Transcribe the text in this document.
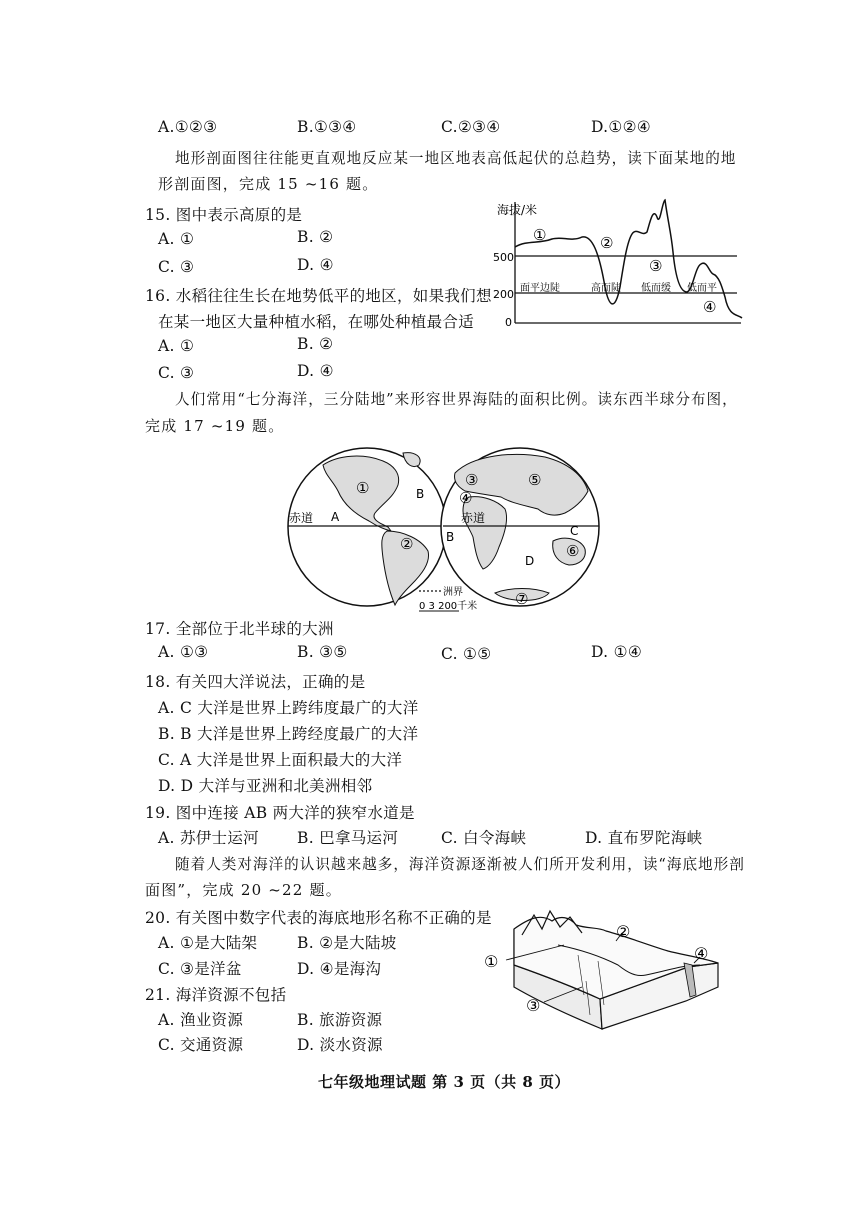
A.①②③	B.①③④	C.②③④	D.①②④
地形剖面图往往能更直观地反应某一地区地表高低起伏的总趋势，读下面某地的地
形剖面图，完成 15 ~16 题。
15. 图中表示高原的是
A. ①	B. ②
C. ③	D. ④
16. 水稻往往生长在地势低平的地区，如果我们想
在某一地区大量种植水稻，在哪处种植最合适
A. ①	B. ②
C. ③	D. ④
海拔/米
500
200
0
面平边陡	高而陡 低而缓 低而平
①	②
③
④
人们常用“七分海洋，三分陆地”来形容世界海陆的面积比例。读东西半球分布图，
完成 17 ~19 题。
赤道 A
B
①
②
赤道
B	C
D
⑤
④
③
⑥
⑦
洲界
0 3 200千米
17. 全部位于北半球的大洲
A. ①③	B. ③⑤	C. ①⑤	D. ①④
18. 有关四大洋说法，正确的是
A. C 大洋是世界上跨纬度最广的大洋
B. B 大洋是世界上跨经度最广的大洋
C. A 大洋是世界上面积最大的大洋
D. D 大洋与亚洲和北美洲相邻
19. 图中连接 AB 两大洋的狭窄水道是
A. 苏伊士运河 B. 巴拿马运河	C. 白令海峡	D. 直布罗陀海峡
随着人类对海洋的认识越来越多，海洋资源逐渐被人们所开发利用，读“海底地形剖
面图”，完成 20 ~22 题。
20. 有关图中数字代表的海底地形名称不正确的是
A. ①是大陆架	B. ②是大陆坡
C. ③是洋盆	D. ④是海沟
21. 海洋资源不包括
A. 渔业资源	B. 旅游资源
C. 交通资源	D. 淡水资源
①
②
③
④
七年级地理试题 第 3 页（共 8 页）
